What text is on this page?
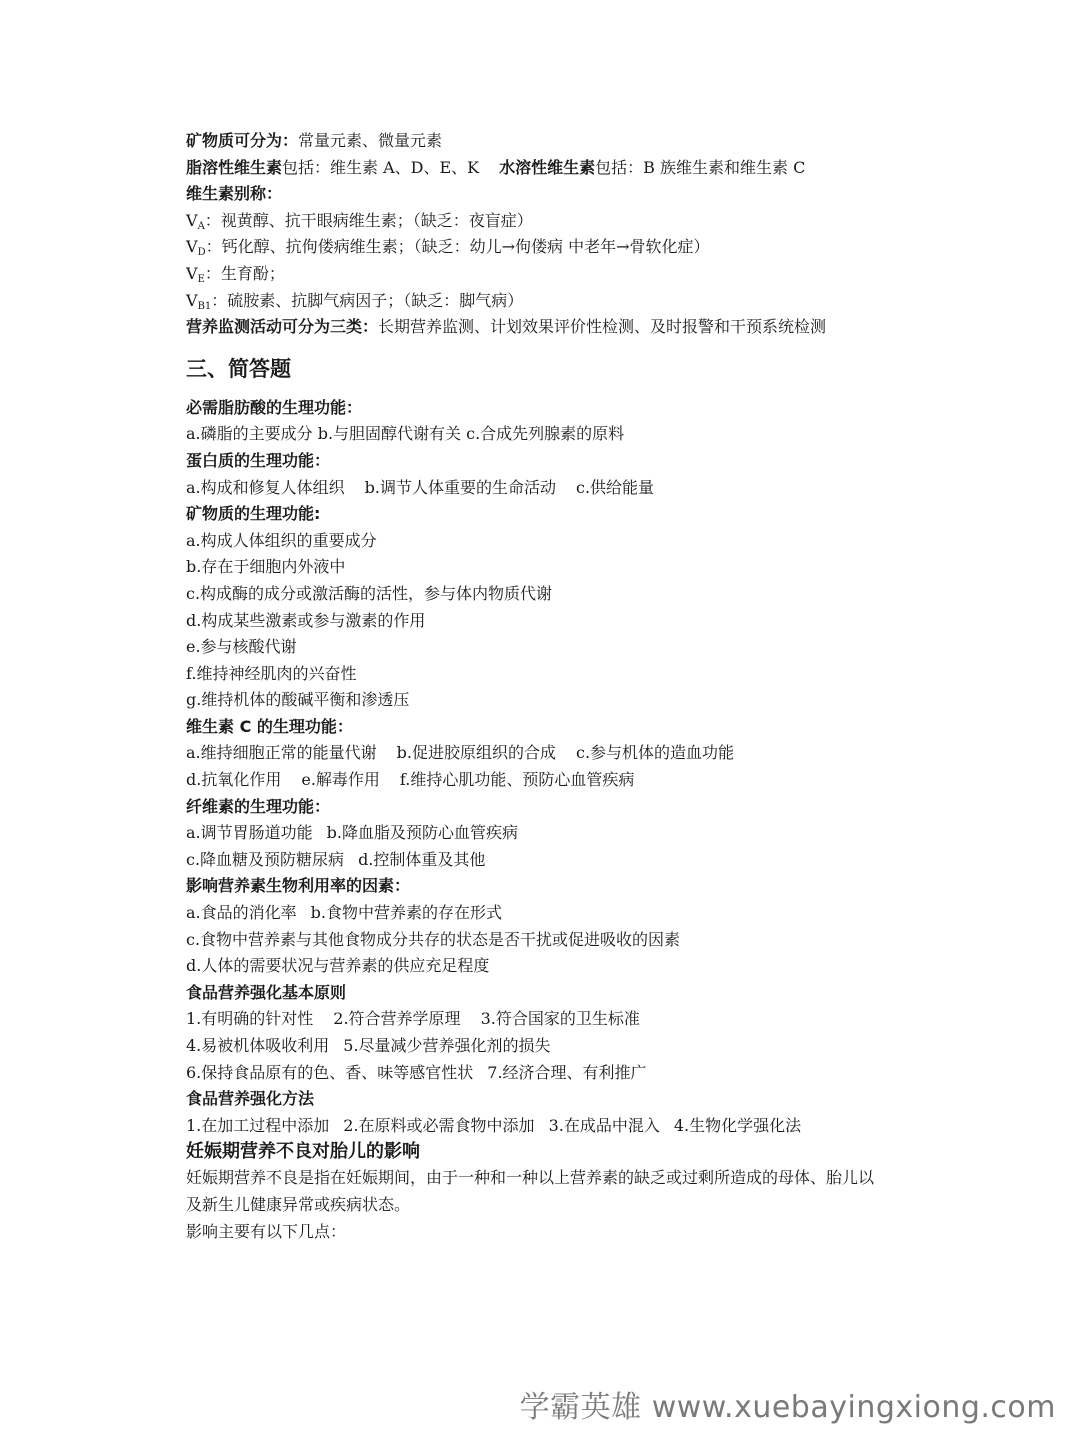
矿物质可分为：常量元素、微量元素
脂溶性维生素包括：维生素 A、D、E、K 水溶性维生素包括：B 族维生素和维生素 C
维生素别称：
$V_A$：视黄醇、抗干眼病维生素；（缺乏：夜盲症）
$V_D$：钙化醇、抗佝偻病维生素；（缺乏：幼儿→佝偻病 中老年→骨软化症）
$V_E$：生育酚；
$V_{B1}$：硫胺素、抗脚气病因子；（缺乏：脚气病）
营养监测活动可分为三类：长期营养监测、计划效果评价性检测、及时报警和干预系统检测
三、简答题
必需脂肪酸的生理功能：
a.磷脂的主要成分 b.与胆固醇代谢有关 c.合成先列腺素的原料
蛋白质的生理功能：
a.构成和修复人体组织 b.调节人体重要的生命活动 c.供给能量
矿物质的生理功能:
a.构成人体组织的重要成分
b.存在于细胞内外液中
c.构成酶的成分或激活酶的活性，参与体内物质代谢
d.构成某些激素或参与激素的作用
e.参与核酸代谢
f.维持神经肌肉的兴奋性
g.维持机体的酸碱平衡和渗透压
维生素 C 的生理功能：
a.维持细胞正常的能量代谢 b.促进胶原组织的合成 c.参与机体的造血功能
d.抗氧化作用 e.解毒作用 f.维持心肌功能、预防心血管疾病
纤维素的生理功能：
a.调节胃肠道功能 b.降血脂及预防心血管疾病
c.降血糖及预防糖尿病 d.控制体重及其他
影响营养素生物利用率的因素：
a.食品的消化率 b.食物中营养素的存在形式
c.食物中营养素与其他食物成分共存的状态是否干扰或促进吸收的因素
d.人体的需要状况与营养素的供应充足程度
食品营养强化基本原则
1.有明确的针对性 2.符合营养学原理 3.符合国家的卫生标准
4.易被机体吸收利用 5.尽量减少营养强化剂的损失
6.保持食品原有的色、香、味等感官性状 7.经济合理、有利推广
食品营养强化方法
1.在加工过程中添加 2.在原料或必需食物中添加 3.在成品中混入 4.生物化学强化法
妊娠期营养不良对胎儿的影响
妊娠期营养不良是指在妊娠期间，由于一种和一种以上营养素的缺乏或过剩所造成的母体、胎儿以及新生儿健康异常或疾病状态。
影响主要有以下几点：
学霸英雄 www.xuebayingxiong.com
